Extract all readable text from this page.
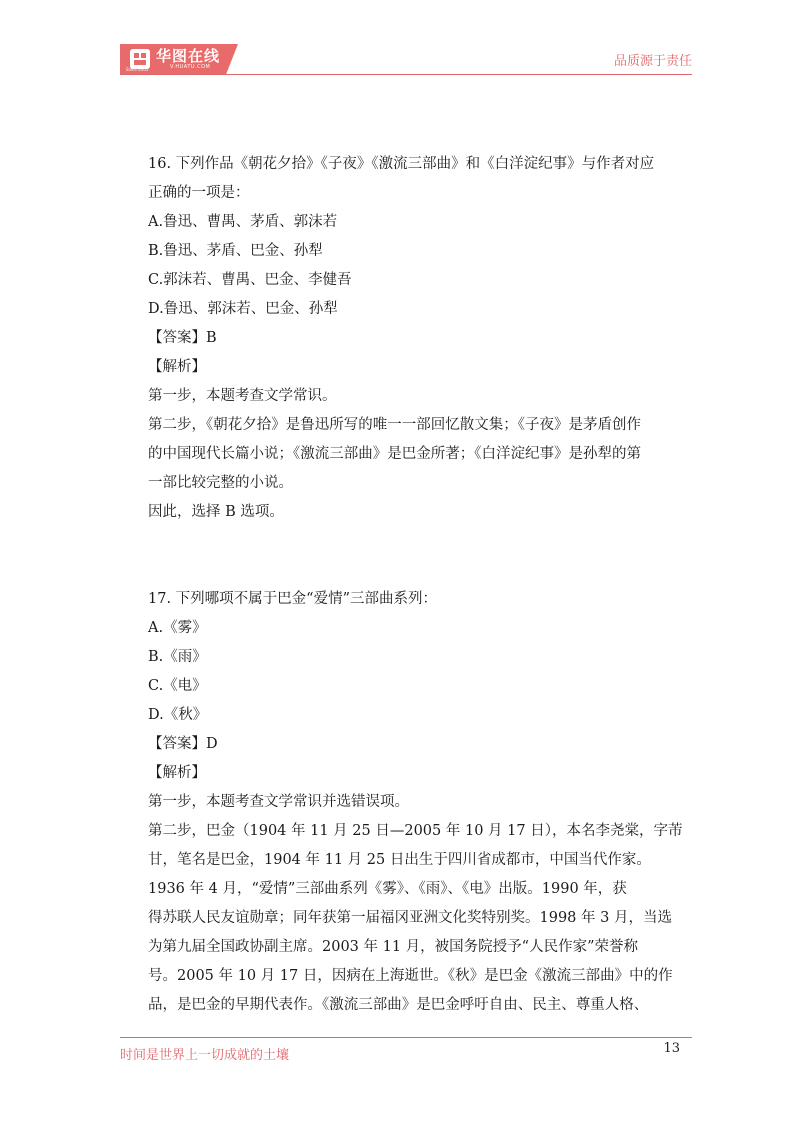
华图在线
V.HUATU.COM
Since 2001
品质源于责任
16. 下列作品《朝花夕拾》《子夜》《激流三部曲》和《白洋淀纪事》与作者对应
正确的一项是：
A.鲁迅、曹禺、茅盾、郭沫若
B.鲁迅、茅盾、巴金、孙犁
C.郭沫若、曹禺、巴金、李健吾
D.鲁迅、郭沫若、巴金、孙犁
【答案】B
【解析】
第一步，本题考查文学常识。
第二步，《朝花夕拾》是鲁迅所写的唯一一部回忆散文集；《子夜》是茅盾创作
的中国现代长篇小说；《激流三部曲》是巴金所著；《白洋淀纪事》是孙犁的第
一部比较完整的小说。
因此，选择 B 选项。
17. 下列哪项不属于巴金“爱情”三部曲系列：
A.《雾》
B.《雨》
C.《电》
D.《秋》
【答案】D
【解析】
第一步，本题考查文学常识并选错误项。
第二步，巴金（1904 年 11 月 25 日—2005 年 10 月 17 日），本名李尧棠，字芾
甘，笔名是巴金，1904 年 11 月 25 日出生于四川省成都市，中国当代作家。
1936 年 4 月，“爱情”三部曲系列《雾》、《雨》、《电》出版。1990 年，获
得苏联人民友谊勋章；同年获第一届福冈亚洲文化奖特别奖。1998 年 3 月，当选
为第九届全国政协副主席。2003 年 11 月，被国务院授予“人民作家”荣誉称
号。2005 年 10 月 17 日，因病在上海逝世。《秋》是巴金《激流三部曲》中的作
品，是巴金的早期代表作。《激流三部曲》是巴金呼吁自由、民主、尊重人格、
时间是世界上一切成就的土壤	13
